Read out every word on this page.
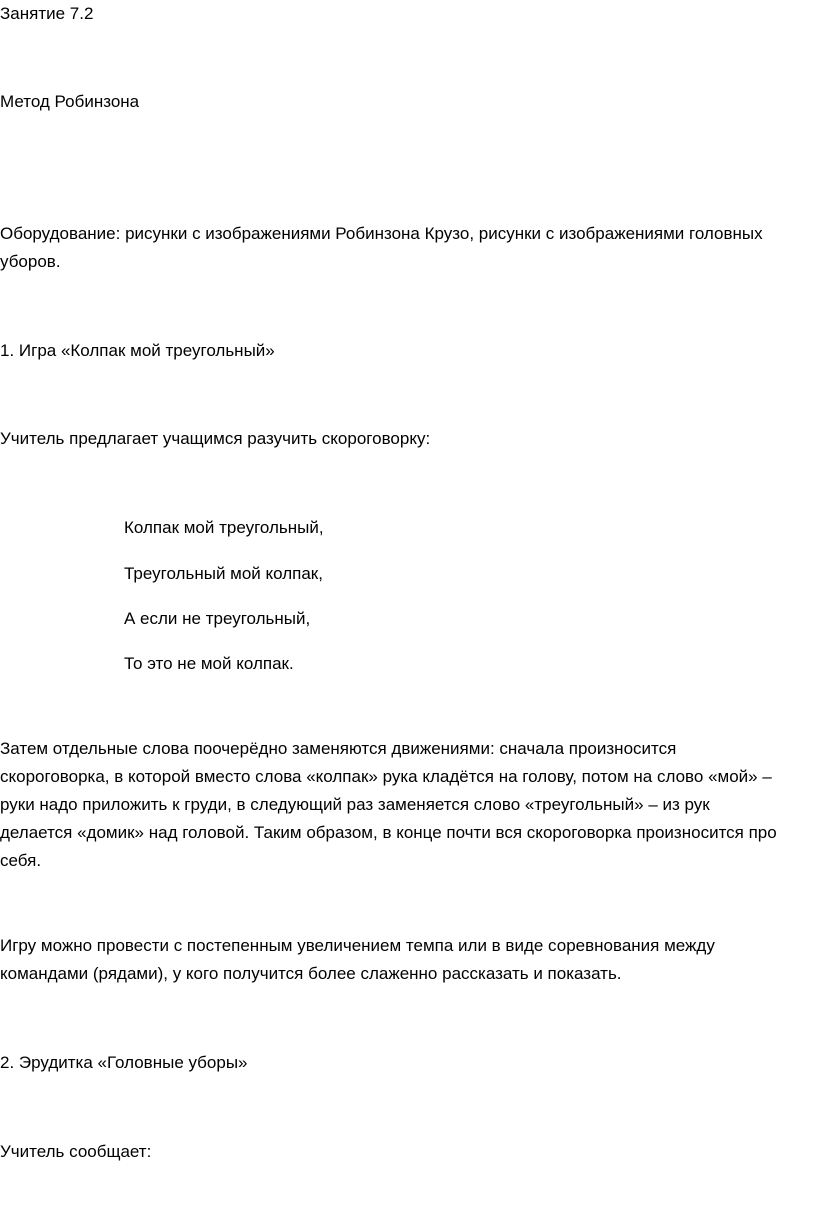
Занятие 7.2

Метод Робинзона

Оборудование: рисунки с изображениями Робинзона Крузо, рисунки с изображениями головных

уборов.

1. Игра «Колпак мой треугольный»

Учитель предлагает учащимся разучить скороговорку:

Колпак мой треугольный,

Треугольный мой колпак,

А если не треугольный,

То это не мой колпак.

Затем отдельные слова поочерёдно заменяются движениями: сначала произносится

скороговорка, в которой вместо слова «колпак» рука кладётся на голову, потом на слово «мой» –

руки надо приложить к груди, в следующий раз заменяется слово «треугольный» – из рук

делается «домик» над головой. Таким образом, в конце почти вся скороговорка произносится про

себя.

Игру можно провести с постепенным увеличением темпа или в виде соревнования между

командами (рядами), у кого получится более слаженно рассказать и показать.

2. Эрудитка «Головные уборы»

Учитель сообщает:
